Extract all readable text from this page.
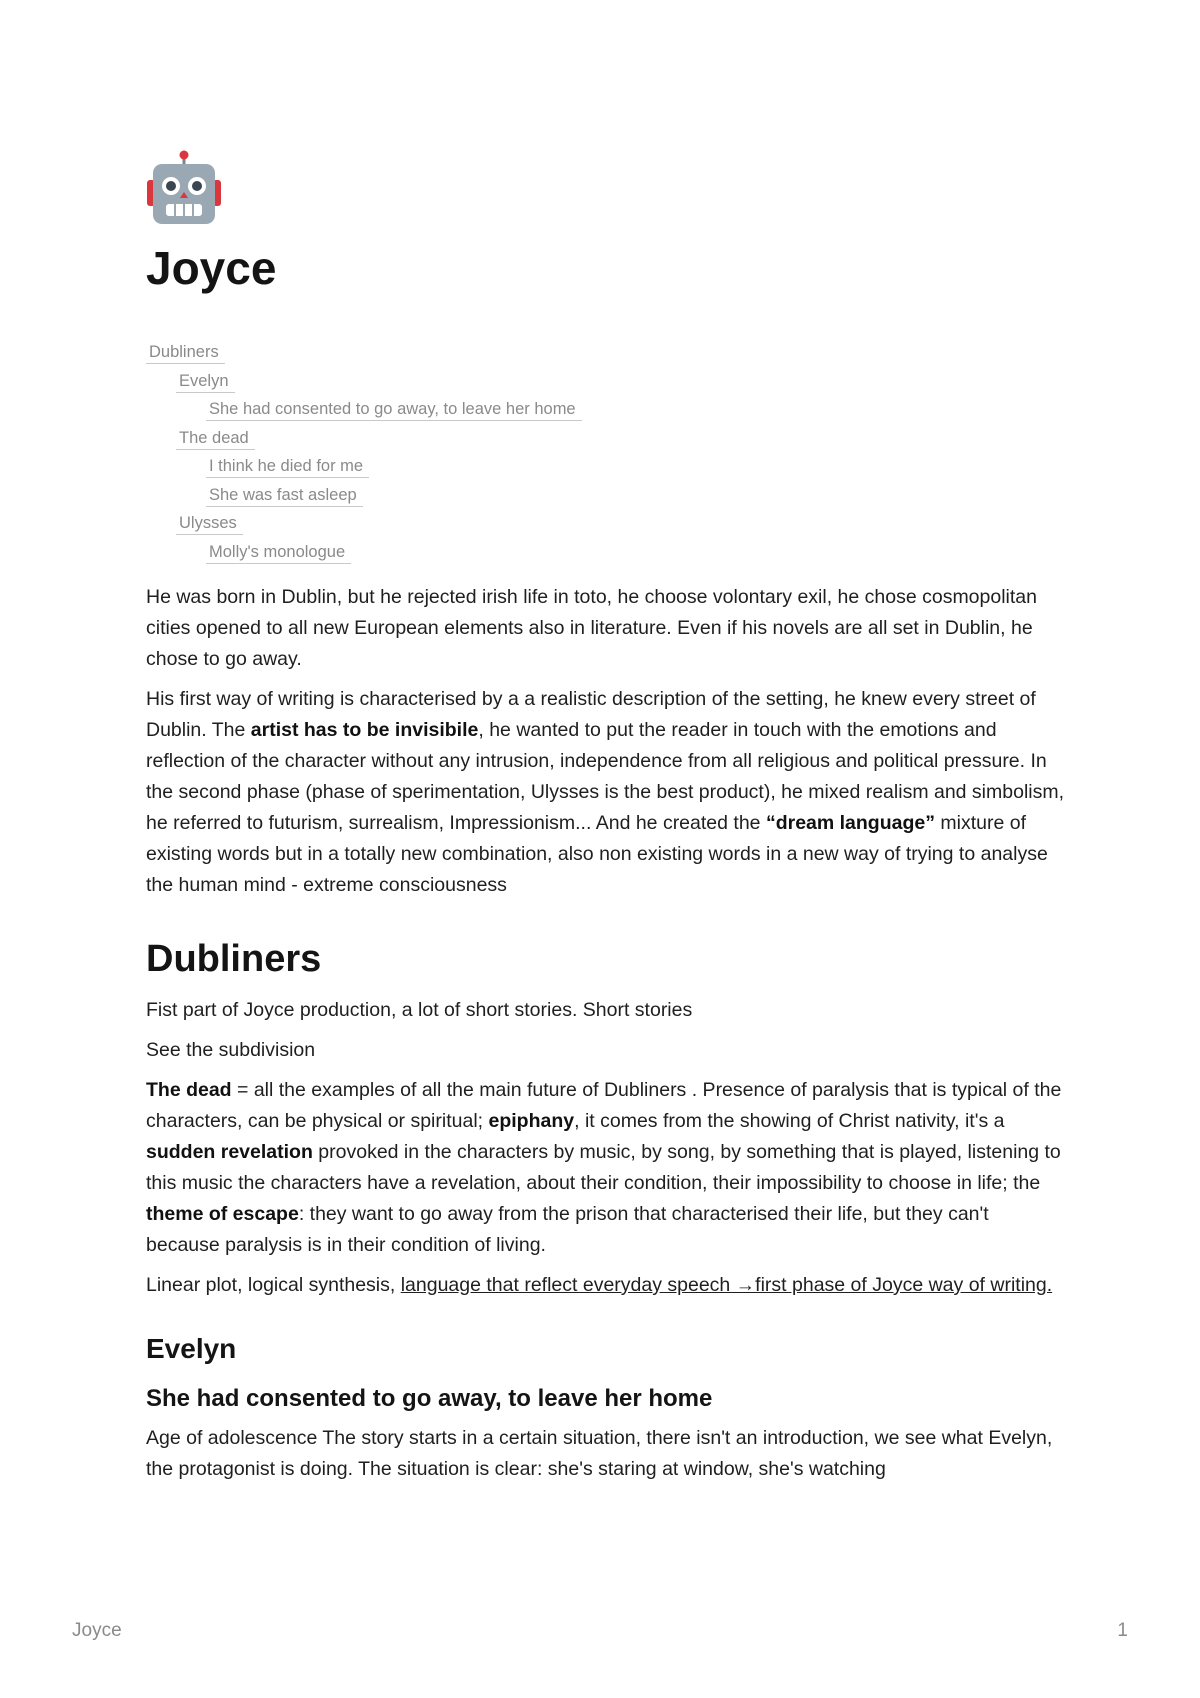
Joyce
Dubliners
Evelyn
She had consented to go away, to leave her home
The dead
I think he died for me
She was fast asleep
Ulysses
Molly's monologue

He was born in Dublin, but he rejected irish life in toto, he choose volontary exil, he chose cosmopolitan cities opened to all new European elements also in literature. Even if his novels are all set in Dublin, he chose to go away.

His first way of writing is characterised by a a realistic description of the setting, he knew every street of Dublin. The artist has to be invisibile, he wanted to put the reader in touch with the emotions and reflection of the character without any intrusion, independence from all religious and political pressure. In the second phase (phase of sperimentation, Ulysses is the best product), he mixed realism and simbolism, he referred to futurism, surrealism, Impressionism... And he created the “dream language” mixture of existing words but in a totally new combination, also non existing words in a new way of trying to analyse the human mind - extreme consciousness

Dubliners

Fist part of Joyce production, a lot of short stories. Short stories

See the subdivision

The dead = all the examples of all the main future of Dubliners . Presence of paralysis that is typical of the characters, can be physical or spiritual; epiphany, it comes from the showing of Christ nativity, it's a sudden revelation provoked in the characters by music, by song, by something that is played, listening to this music the characters have a revelation, about their condition, their impossibility to choose in life; the theme of escape: they want to go away from the prison that characterised their life, but they can't because paralysis is in their condition of living.

Linear plot, logical synthesis, language that reflect everyday speech →first phase of Joyce way of writing.

Evelyn
She had consented to go away, to leave her home

Age of adolescence The story starts in a certain situation, there isn't an introduction, we see what Evelyn, the protagonist is doing. The situation is clear: she's staring at window, she's watching

Joyce	1
